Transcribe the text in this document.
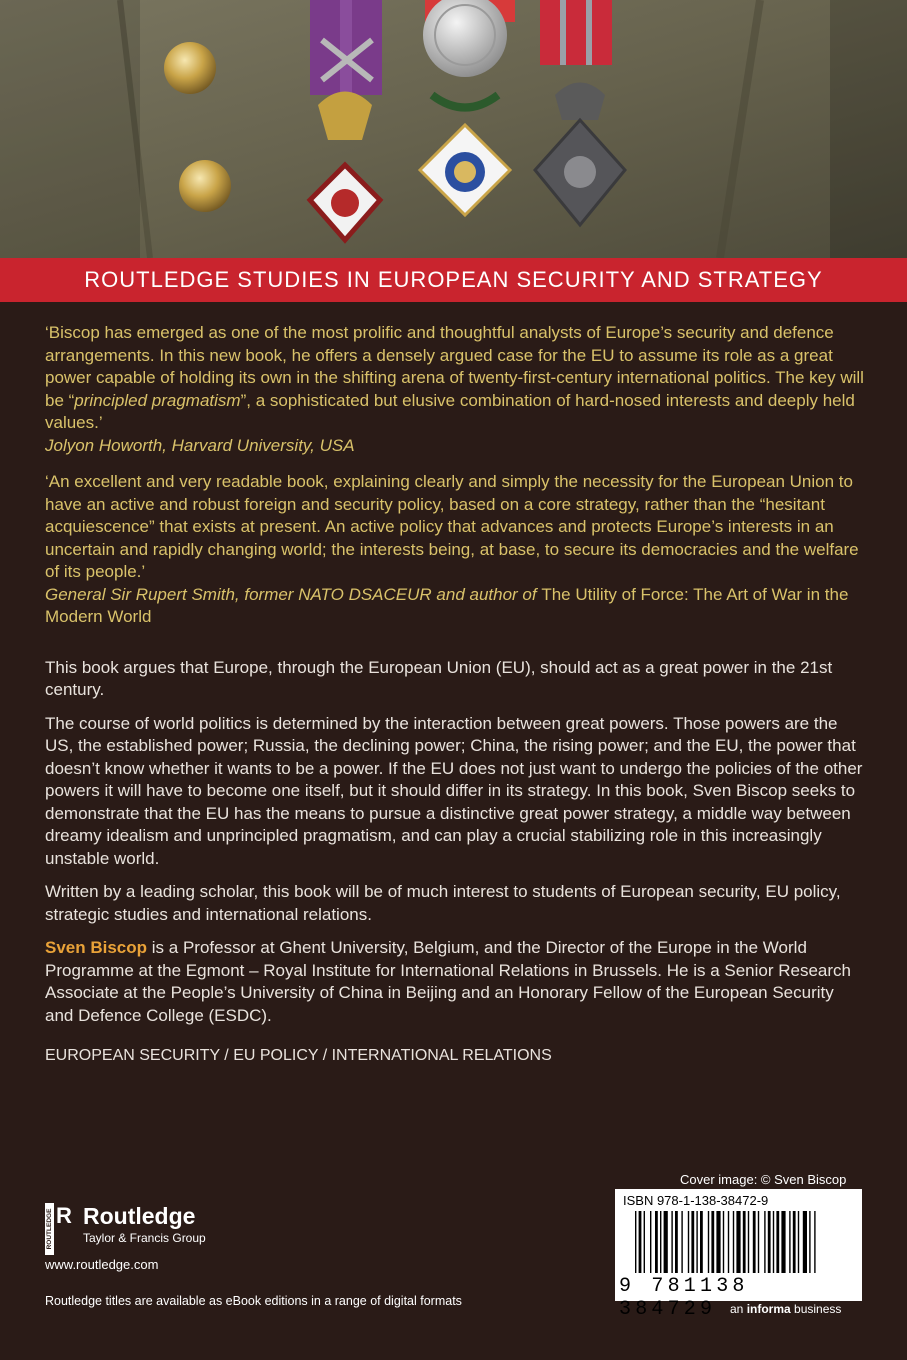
ROUTLEDGE STUDIES IN EUROPEAN SECURITY AND STRATEGY

‘Biscop has emerged as one of the most prolific and thoughtful analysts of Europe’s security and defence arrangements. In this new book, he offers a densely argued case for the EU to assume its role as a great power capable of holding its own in the shifting arena of twenty-first-century international politics. The key will be “principled pragmatism”, a sophisticated but elusive combination of hard-nosed interests and deeply held values.’
Jolyon Howorth, Harvard University, USA

‘An excellent and very readable book, explaining clearly and simply the necessity for the European Union to have an active and robust foreign and security policy, based on a core strategy, rather than the “hesitant acquiescence” that exists at present. An active policy that advances and protects Europe’s interests in an uncertain and rapidly changing world; the interests being, at base, to secure its democracies and the welfare of its people.’
General Sir Rupert Smith, former NATO DSACEUR and author of The Utility of Force: The Art of War in the Modern World

This book argues that Europe, through the European Union (EU), should act as a great power in the 21st century.

The course of world politics is determined by the interaction between great powers. Those powers are the US, the established power; Russia, the declining power; China, the rising power; and the EU, the power that doesn’t know whether it wants to be a power. If the EU does not just want to undergo the policies of the other powers it will have to become one itself, but it should differ in its strategy. In this book, Sven Biscop seeks to demonstrate that the EU has the means to pursue a distinctive great power strategy, a middle way between dreamy idealism and unprincipled pragmatism, and can play a crucial stabilizing role in this increasingly unstable world.

Written by a leading scholar, this book will be of much interest to students of European security, EU policy, strategic studies and international relations.

Sven Biscop is a Professor at Ghent University, Belgium, and the Director of the Europe in the World Programme at the Egmont – Royal Institute for International Relations in Brussels. He is a Senior Research Associate at the People’s University of China in Beijing and an Honorary Fellow of the European Security and Defence College (ESDC).

EUROPEAN SECURITY / EU POLICY / INTERNATIONAL RELATIONS

ROUTLEDGE R Routledge
Taylor & Francis Group
www.routledge.com
Routledge titles are available as eBook editions in a range of digital formats
Cover image: © Sven Biscop
ISBN 978-1-138-38472-9
9 781138 384729	an informa business
